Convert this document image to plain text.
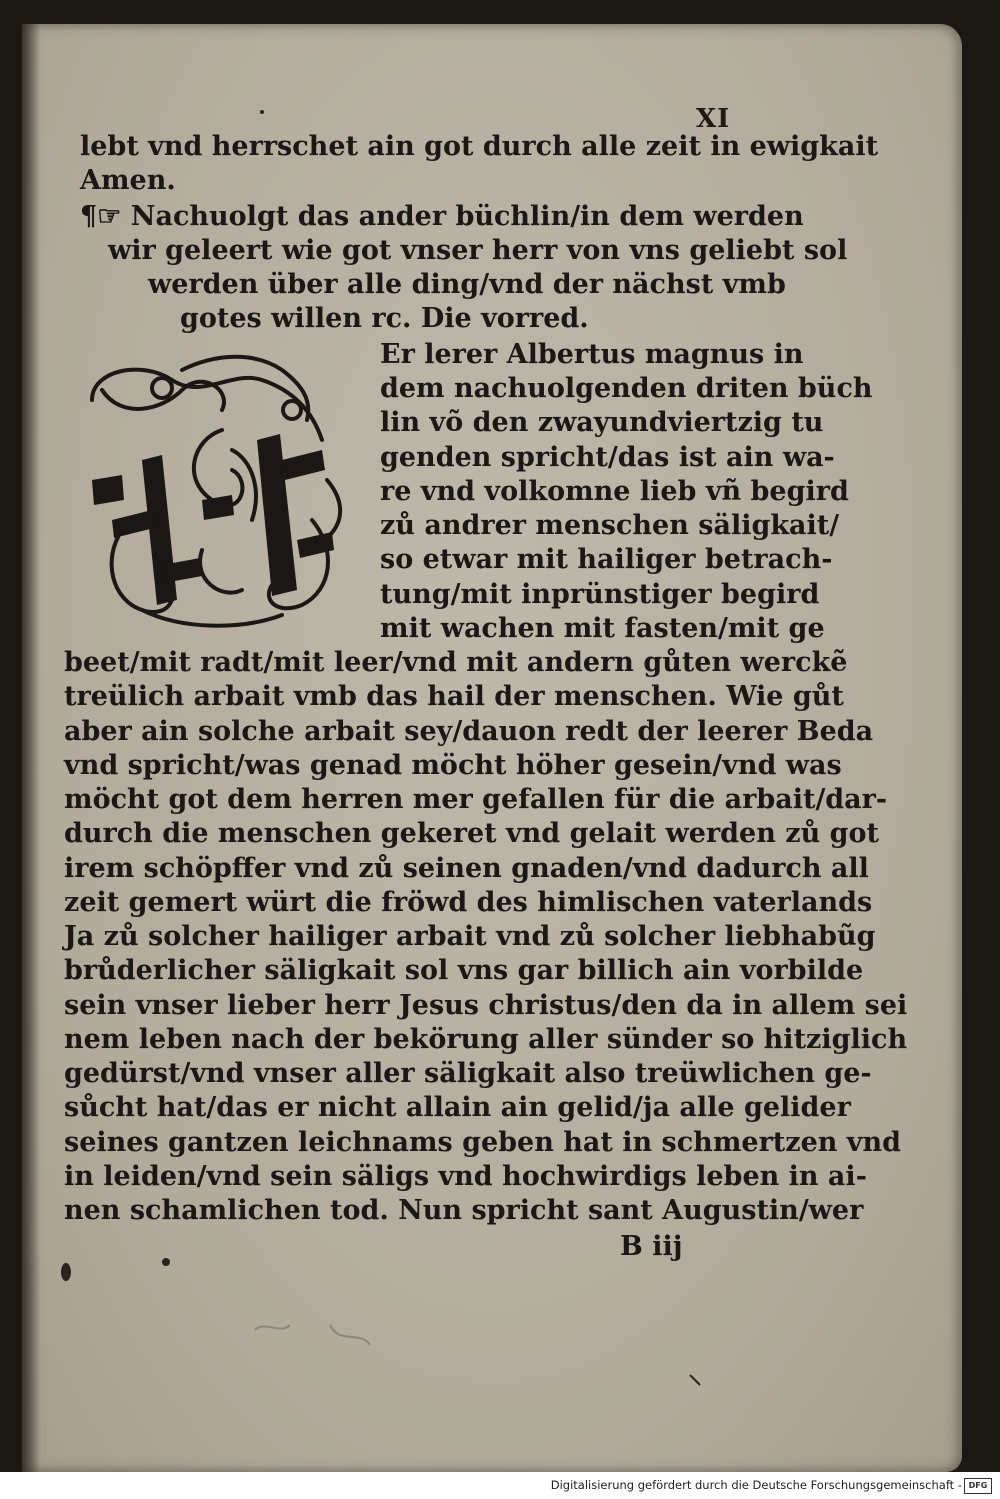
XI
lebt vnd herrschet ain got durch alle zeit in ewigkait
Amen.
¶☞ Nachuolgt das ander büchlin/in dem werden
wir geleert wie got vnser herr von vns geliebt sol
werden über alle ding/vnd der nächst vmb
gotes willen rc. Die vorred.
Er lerer Albertus magnus in
dem nachuolgenden driten büch
lin võ den zwayundviertzig tu
genden spricht/das ist ain wa-
re vnd volkomne lieb vñ begird
zů andrer menschen säligkait/
so etwar mit hailiger betrach-
tung/mit inprünstiger begird
mit wachen mit fasten/mit ge
beet/mit radt/mit leer/vnd mit andern gůten werckẽ
treülich arbait vmb das hail der menschen. Wie gůt
aber ain solche arbait sey/dauon redt der leerer Beda
vnd spricht/was genad möcht höher gesein/vnd was
möcht got dem herren mer gefallen für die arbait/dar-
durch die menschen gekeret vnd gelait werden zů got
irem schöpffer vnd zů seinen gnaden/vnd dadurch all
zeit gemert würt die fröwd des himlischen vaterlands
Ja zů solcher hailiger arbait vnd zů solcher liebhabũg
brůderlicher säligkait sol vns gar billich ain vorbilde
sein vnser lieber herr Jesus christus/den da in allem sei
nem leben nach der bekörung aller sünder so hitziglich
gedürst/vnd vnser aller säligkait also treüwlichen ge-
sůcht hat/das er nicht allain ain gelid/ja alle gelider
seines gantzen leichnams geben hat in schmertzen vnd
in leiden/vnd sein säligs vnd hochwirdigs leben in ai-
nen schamlichen tod. Nun spricht sant Augustin/wer
B iij
Digitalisierung gefördert durch die Deutsche Forschungsgemeinschaft - DFG
